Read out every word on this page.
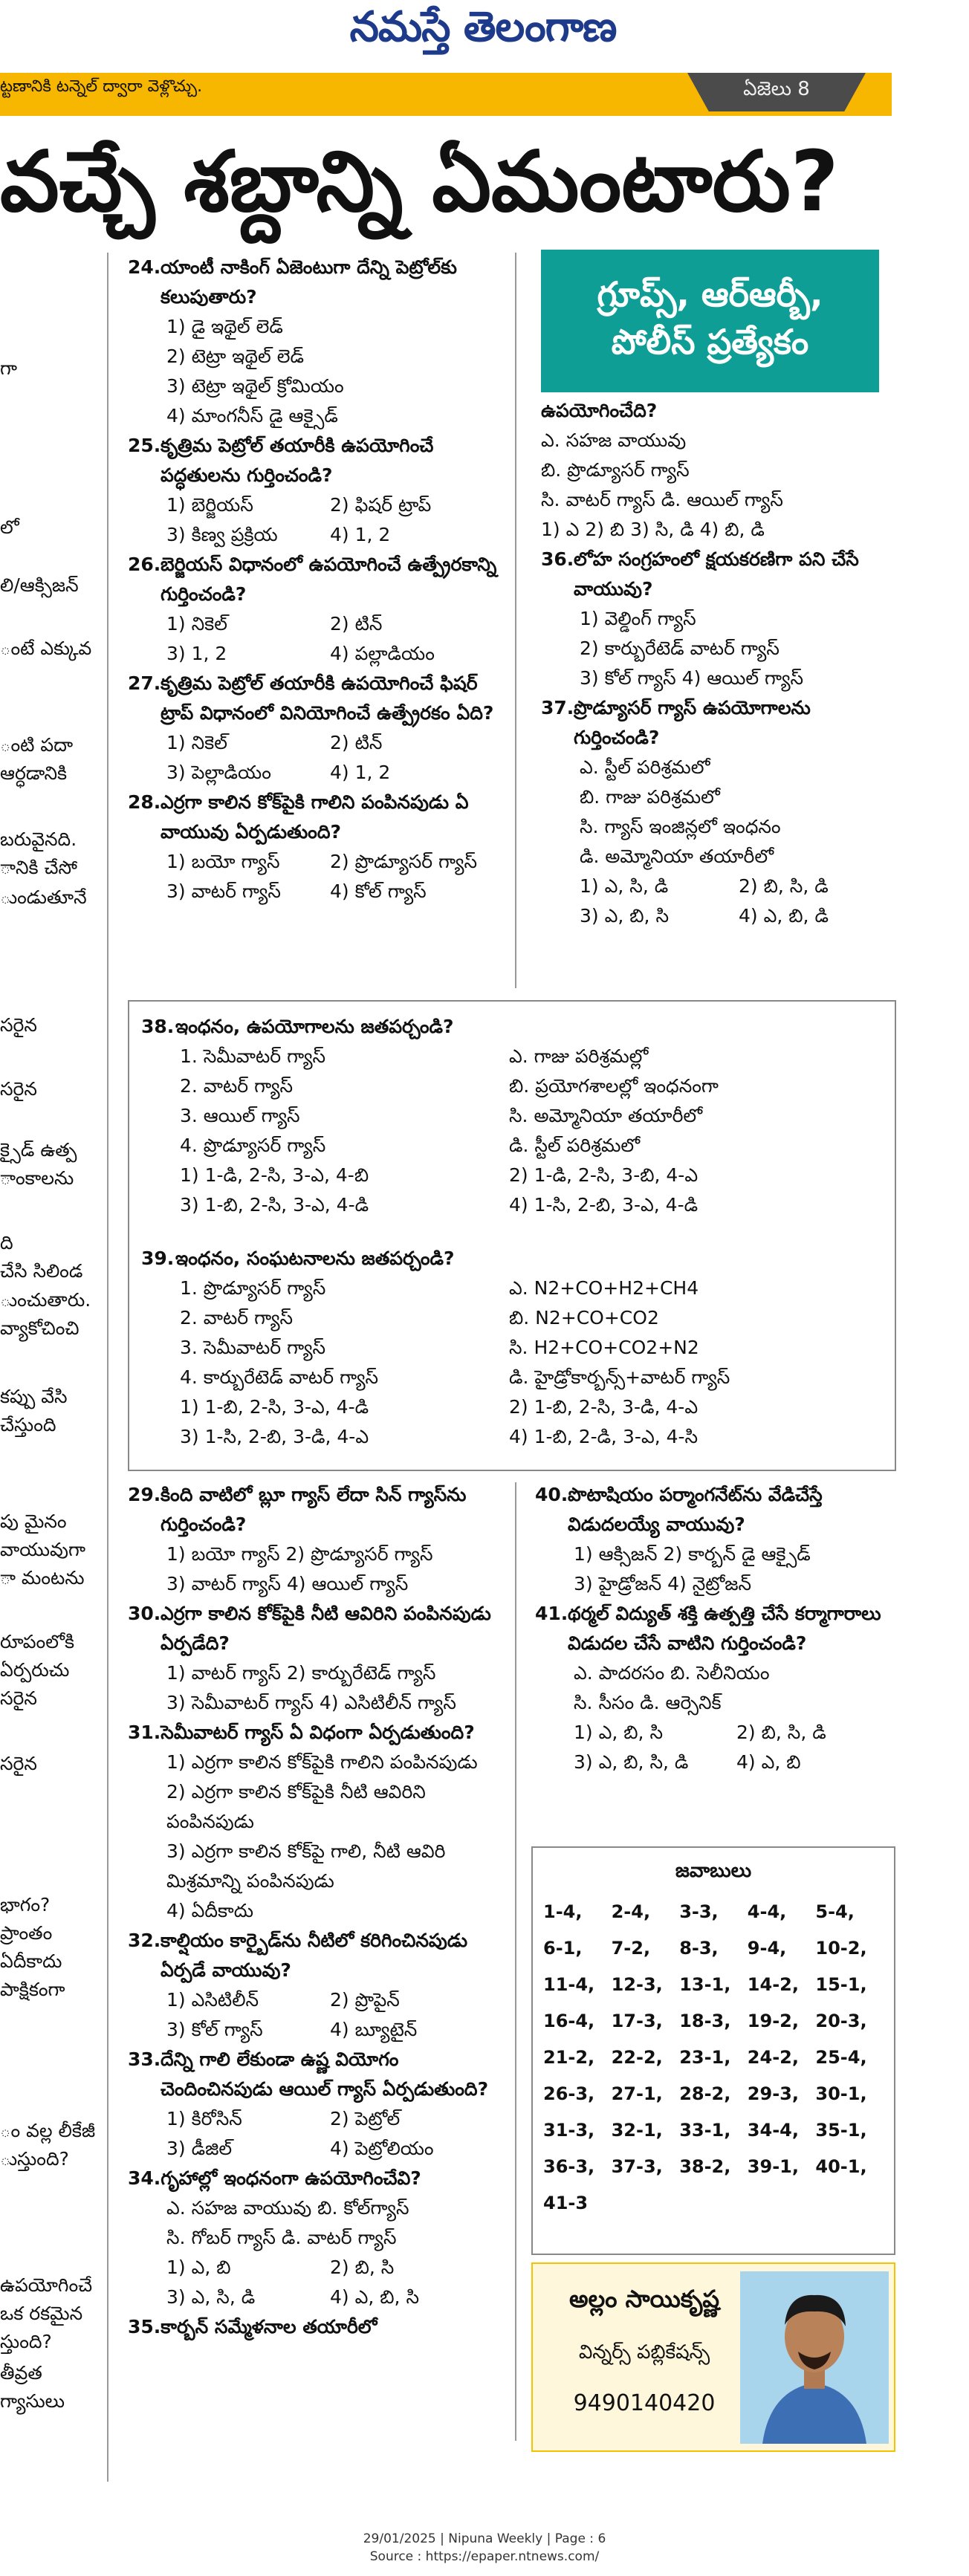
నమస్తే తెలంగాణ
ట్టణానికి టన్నెల్ ద్వారా వెళ్లొచ్చు.	ఏజెలు 8
వచ్చే శబ్దాన్ని ఏమంటారు?
గా
లో
లి/ఆక్సిజన్
ంటే ఎక్కువ
ంటి పదా
ఆర్ధడానికి
బరువైనది.
ానికి చేసో
ుండుతూనే
సరైన
సరైన
క్సైడ్ ఉత్ప
ాంకాలను
ది
చేసి సిలిండ
ుంచుతారు.
వ్యాకోచించి
కప్పు వేసి
చేస్తుంది
పు మైనం
వాయువుగా
ా మంటను
రూపంలోకి
ఏర్పరుచు
సరైన
సరైన
భాగం?
ప్రాంతం
ఏదీకాదు
పాక్షికంగా
ం వల్ల లీకేజీ
ుస్తుంది?
ఉపయోగించే
ఒక రకమైన
స్తుంది?
తీవ్రత
గ్యాసులు
24. యాంటీ నాకింగ్ ఏజెంటుగా దేన్ని పెట్రోల్‌కు కలుపుతారు?
1) డై ఇథైల్ లెడ్
2) టెట్రా ఇథైల్ లెడ్
3) టెట్రా ఇథైల్ క్రోమియం
4) మాంగనీస్ డై ఆక్సైడ్
25. కృత్రిమ పెట్రోల్ తయారీకి ఉపయోగించే పద్ధతులను గుర్తించండి?
1) బెర్జియస్	2) ఫిషర్ ట్రాప్
3) కిణ్వ ప్రక్రియ	4) 1, 2
26. బెర్జియస్ విధానంలో ఉపయోగించే ఉత్ప్రేరకాన్ని గుర్తించండి?
1) నికెల్	2) టిన్
3) 1, 2	4) పల్లాడియం
27. కృత్రిమ పెట్రోల్ తయారీకి ఉపయోగించే ఫిషర్ ట్రాప్ విధానంలో వినియోగించే ఉత్ప్రేరకం ఏది?
1) నికెల్	2) టిన్
3) పెల్లాడియం	4) 1, 2
28. ఎర్రగా కాలిన కోక్‌పైకి గాలిని పంపినపుడు ఏ వాయువు ఏర్పడుతుంది?
1) బయో గ్యాస్	2) ప్రొడ్యూసర్ గ్యాస్
3) వాటర్ గ్యాస్	4) కోల్ గ్యాస్
గ్రూప్స్, ఆర్ఆర్బీ,
పోలీస్ ప్రత్యేకం
ఉపయోగించేది?
ఎ. సహజ వాయువు
బి. ప్రొడ్యూసర్ గ్యాస్
సి. వాటర్ గ్యాస్ డి. ఆయిల్ గ్యాస్
1) ఎ 2) బి 3) సి, డి 4) బి, డి
36. లోహ సంగ్రహంలో క్షయకరణిగా పని చేసే వాయువు?
1) వెల్డింగ్ గ్యాస్
2) కార్బురేటెడ్ వాటర్ గ్యాస్
3) కోల్ గ్యాస్ 4) ఆయిల్ గ్యాస్
37. ప్రొడ్యూసర్ గ్యాస్ ఉపయోగాలను గుర్తించండి?
ఎ. స్టీల్ పరిశ్రమలో
బి. గాజు పరిశ్రమలో
సి. గ్యాస్ ఇంజిన్లలో ఇంధనం
డి. అమ్మోనియా తయారీలో
1) ఎ, సి, డి	2) బి, సి, డి
3) ఎ, బి, సి	4) ఎ, బి, డి
38. ఇంధనం, ఉపయోగాలను జతపర్చండి?
1. సెమీవాటర్ గ్యాస్	ఎ. గాజు పరిశ్రమల్లో
2. వాటర్ గ్యాస్	బి. ప్రయోగశాలల్లో ఇంధనంగా
3. ఆయిల్ గ్యాస్	సి. అమ్మోనియా తయారీలో
4. ప్రొడ్యూసర్ గ్యాస్	డి. స్టీల్ పరిశ్రమలో
1) 1-డి, 2-సి, 3-ఎ, 4-బి	2) 1-డి, 2-సి, 3-బి, 4-ఎ
3) 1-బి, 2-సి, 3-ఎ, 4-డి	4) 1-సి, 2-బి, 3-ఎ, 4-డి
39. ఇంధనం, సంఘటనాలను జతపర్చండి?
1. ప్రొడ్యూసర్ గ్యాస్	ఎ. N2+CO+H2+CH4
2. వాటర్ గ్యాస్	బి. N2+CO+CO2
3. సెమీవాటర్ గ్యాస్	సి. H2+CO+CO2+N2
4. కార్బురేటెడ్ వాటర్ గ్యాస్	డి. హైడ్రోకార్బన్స్+వాటర్ గ్యాస్
1) 1-బి, 2-సి, 3-ఎ, 4-డి	2) 1-బి, 2-సి, 3-డి, 4-ఎ
3) 1-సి, 2-బి, 3-డి, 4-ఎ	4) 1-బి, 2-డి, 3-ఎ, 4-సి
29. కింది వాటిలో బ్లూ గ్యాస్ లేదా సిన్ గ్యాస్‌ను గుర్తించండి?
1) బయో గ్యాస్ 2) ప్రొడ్యూసర్ గ్యాస్
3) వాటర్ గ్యాస్ 4) ఆయిల్ గ్యాస్
30. ఎర్రగా కాలిన కోక్‌పైకి నీటి ఆవిరిని పంపినపుడు ఏర్పడేది?
1) వాటర్ గ్యాస్ 2) కార్బురేటెడ్ గ్యాస్
3) సెమీవాటర్ గ్యాస్ 4) ఎసిటిలీన్ గ్యాస్
31. సెమీవాటర్ గ్యాస్ ఏ విధంగా ఏర్పడుతుంది?
1) ఎర్రగా కాలిన కోక్‌పైకి గాలిని పంపినపుడు
2) ఎర్రగా కాలిన కోక్‌పైకి నీటి ఆవిరిని పంపినపుడు
3) ఎర్రగా కాలిన కోక్‌పై గాలి, నీటి ఆవిరి మిశ్రమాన్ని పంపినపుడు
4) ఏదీకాదు
32. కాల్షియం కార్బైడ్‌ను నీటిలో కరిగించినపుడు ఏర్పడే వాయువు?
1) ఎసిటిలీన్	2) ప్రొపైన్
3) కోల్ గ్యాస్	4) బ్యూటైన్
33. దేన్ని గాలి లేకుండా ఉష్ణ వియోగం చెందించినపుడు ఆయిల్ గ్యాస్ ఏర్పడుతుంది?
1) కిరోసిన్	2) పెట్రోల్
3) డీజిల్	4) పెట్రోలియం
34. గృహాల్లో ఇంధనంగా ఉపయోగించేవి?
ఎ. సహజ వాయువు బి. కోల్‌గ్యాస్
సి. గోబర్ గ్యాస్ డి. వాటర్ గ్యాస్
1) ఎ, బి	2) బి, సి
3) ఎ, సి, డి	4) ఎ, బి, సి
35. కార్బన్ సమ్మేళనాల తయారీలో
40. పొటాషియం పర్మాంగనేట్‌ను వేడిచేస్తే విడుదలయ్యే వాయువు?
1) ఆక్సిజన్ 2) కార్బన్ డై ఆక్సైడ్
3) హైడ్రోజన్ 4) నైట్రోజన్
41. థర్మల్ విద్యుత్ శక్తి ఉత్పత్తి చేసే కర్మాగారాలు విడుదల చేసే వాటిని గుర్తించండి?
ఎ. పాదరసం బి. సెలీనియం
సి. సీసం డి. ఆర్సెనిక్
1) ఎ, బి, సి	2) బి, సి, డి
3) ఎ, బి, సి, డి	4) ఎ, బి
జవాబులు
1-4,	2-4,	3-3,	4-4,	5-4,
6-1,	7-2,	8-3,	9-4,	10-2,
11-4, 12-3, 13-1, 14-2, 15-1,
16-4, 17-3, 18-3, 19-2, 20-3,
21-2, 22-2, 23-1, 24-2, 25-4,
26-3, 27-1, 28-2, 29-3, 30-1,
31-3, 32-1, 33-1, 34-4, 35-1,
36-3, 37-3, 38-2, 39-1, 40-1,
41-3
అల్లం సాయికృష్ణ
విన్నర్స్ పబ్లికేషన్స్
9490140420
29/01/2025 | Nipuna Weekly | Page : 6
Source : https://epaper.ntnews.com/
